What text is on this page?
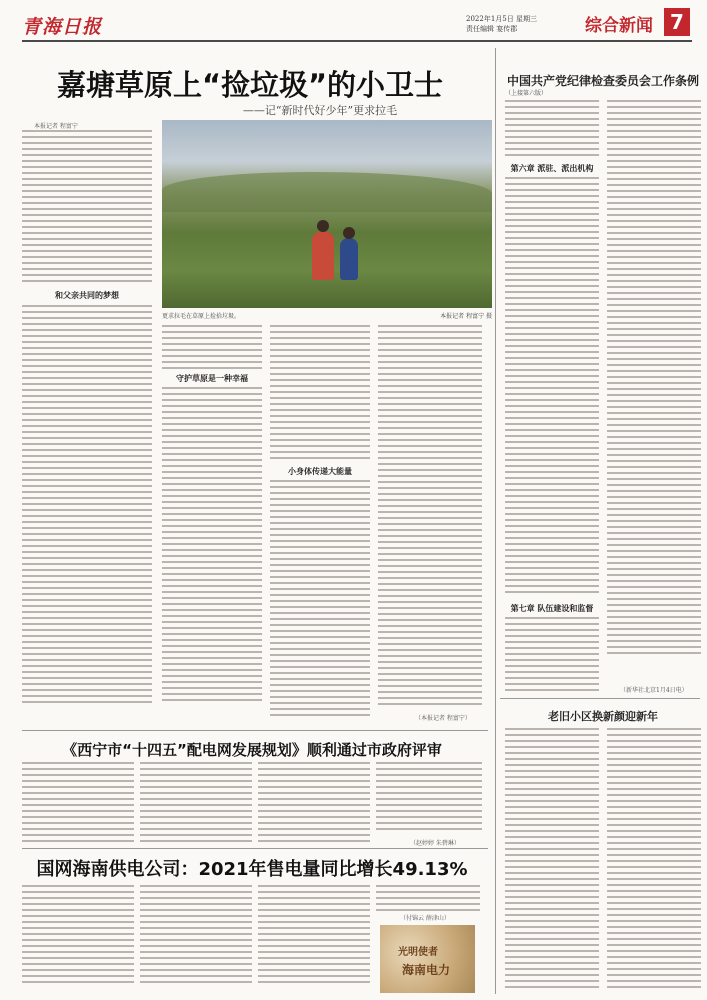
青海日报	2022年1月5日 星期三
责任编辑 宴传郡	综合新闻 7
嘉塘草原上“捡垃圾”的小卫士
——记“新时代好少年”更求拉毛
本报记者 程富宁
和父亲共同的梦想
更求拉毛在草原上捡拾垃圾。	本报记者 程富宁 摄
守护草原是一种幸福
小身体传递大能量
（本报记者 程富宁）
中国共产党纪律检查委员会工作条例
（上接第六版）
第六章 派驻、派出机构
第七章 队伍建设和监督
（新华社北京1月4日电）
老旧小区换新颜迎新年
《西宁市“十四五”配电网发展规划》顺利通过市政府评审
（赵婷婷 朱碧琳）
国网海南供电公司：2021年售电量同比增长49.13%
（付锦云 薛津山）
光明使者
海南电力
